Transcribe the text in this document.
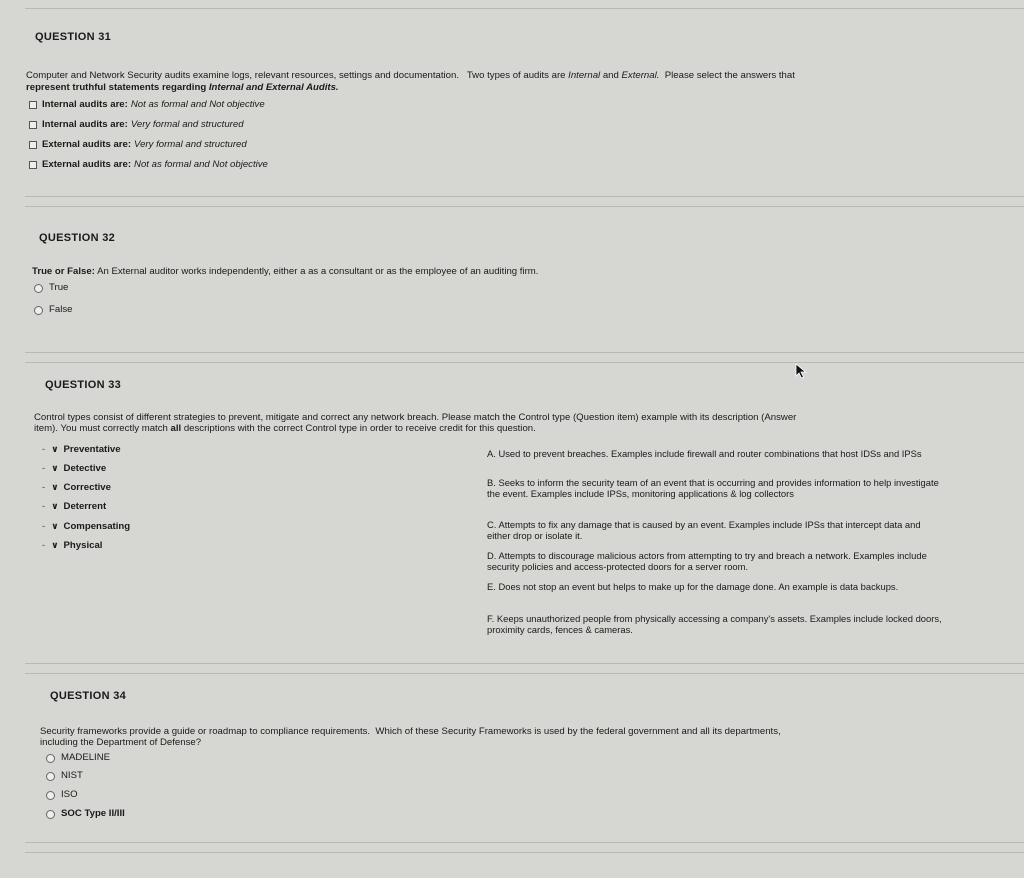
QUESTION 31
Computer and Network Security audits examine logs, relevant resources, settings and documentation. Two types of audits are Internal and External. Please select the answers that
represent truthful statements regarding Internal and External Audits.
Internal audits are: Not as formal and Not objective
Internal audits are: Very formal and structured
External audits are: Very formal and structured
External audits are: Not as formal and Not objective
QUESTION 32
True or False: An External auditor works independently, either a as a consultant or as the employee of an auditing firm.
True
False
QUESTION 33
Control types consist of different strategies to prevent, mitigate and correct any network breach. Please match the Control type (Question item) example with its description (Answer
item). You must correctly match all descriptions with the correct Control type in order to receive credit for this question.
- ∨ Preventative
- ∨ Detective
- ∨ Corrective
- ∨ Deterrent
- ∨ Compensating
- ∨ Physical
A. Used to prevent breaches. Examples include firewall and router combinations that host IDSs and IPSs
B. Seeks to inform the security team of an event that is occurring and provides information to help investigate the event. Examples include IPSs, monitoring applications & log collectors
C. Attempts to fix any damage that is caused by an event. Examples include IPSs that intercept data and either drop or isolate it.
D. Attempts to discourage malicious actors from attempting to try and breach a network. Examples include security policies and access-protected doors for a server room.
E. Does not stop an event but helps to make up for the damage done. An example is data backups.
F. Keeps unauthorized people from physically accessing a company's assets. Examples include locked doors, proximity cards, fences & cameras.
QUESTION 34
Security frameworks provide a guide or roadmap to compliance requirements. Which of these Security Frameworks is used by the federal government and all its departments,
including the Department of Defense?
MADELINE
NIST
ISO
SOC Type II/III
